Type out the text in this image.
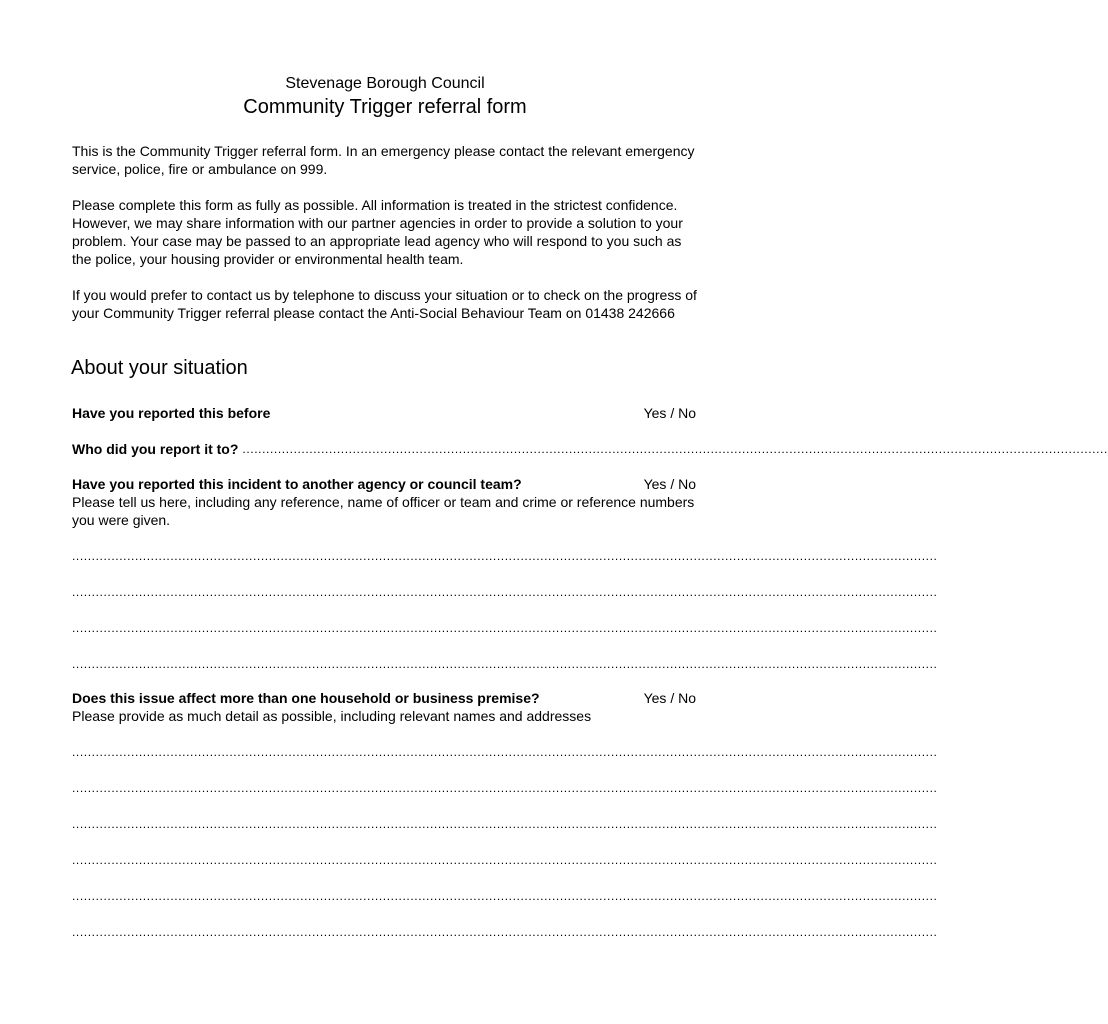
Stevenage Borough Council
Community Trigger referral form

This is the Community Trigger referral form. In an emergency please contact the relevant emergency service, police, fire or ambulance on 999.

Please complete this form as fully as possible. All information is treated in the strictest confidence. However, we may share information with our partner agencies in order to provide a solution to your problem. Your case may be passed to an appropriate lead agency who will respond to you such as the police, your housing provider or environmental health team.

If you would prefer to contact us by telephone to discuss your situation or to check on the progress of your Community Trigger referral please contact the Anti-Social Behaviour Team on 01438 242666

About your situation
Have you reported this before	Yes / No
Who did you report it to? ............................................................................................................................................................................................................................
Have you reported this incident to another agency or council team?	Yes / No

Please tell us here, including any reference, name of officer or team and crime or reference numbers you were given.

............................................................................................................................................................................................................................
............................................................................................................................................................................................................................
............................................................................................................................................................................................................................
............................................................................................................................................................................................................................
Does this issue affect more than one household or business premise?	Yes / No

Please provide as much detail as possible, including relevant names and addresses

............................................................................................................................................................................................................................
............................................................................................................................................................................................................................
............................................................................................................................................................................................................................
............................................................................................................................................................................................................................
............................................................................................................................................................................................................................
............................................................................................................................................................................................................................
